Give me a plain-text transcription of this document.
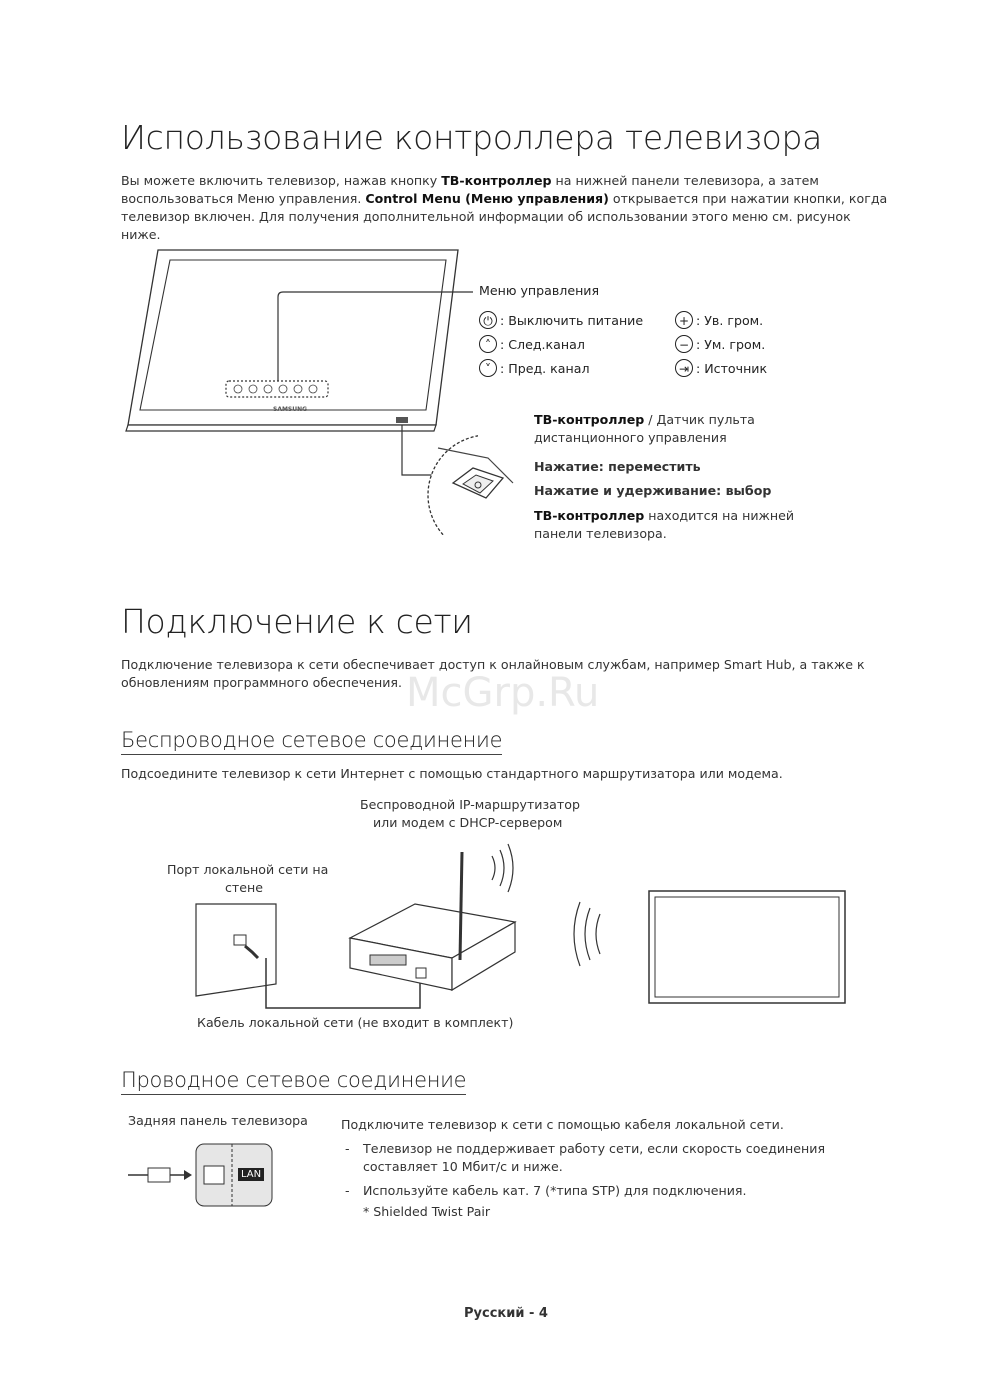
Использование контроллера телевизора

Вы можете включить телевизор, нажав кнопку ТВ-контроллер на нижней панели телевизора, а затем воспользоваться Меню управления. Control Menu (Меню управления) открывается при нажатии кнопки, когда телевизор включен. Для получения дополнительной информации об использовании этого меню см. рисунок ниже.

SAMSUNG
Меню управления
⏻ : Выключить питание
˄ : След.канал
˅ : Пред. канал
+ : Ув. гром.
− : Ум. гром.
⇥ : Источник

ТВ-контроллер / Датчик пульта дистанционного управления

Нажатие: переместить
Нажатие и удерживание: выбор

ТВ-контроллер находится на нижней панели телевизора.

Подключение к сети

Подключение телевизора к сети обеспечивает доступ к онлайновым службам, например Smart Hub, а также к обновлениям программного обеспечения. McGrp.Ru
Беспроводное сетевое соединение

Подсоедините телевизор к сети Интернет с помощью стандартного маршрутизатора или модема.

Беспроводной IP-маршрутизатор
или модем с DHCP-сервером
Порт локальной сети на
стене
Кабель локальной сети (не входит в комплект)
Проводное сетевое соединение
Задняя панель телевизора
LAN

Подключите телевизор к сети с помощью кабеля локальной сети.

- Телевизор не поддерживает работу сети, если скорость соединения составляет 10 Мбит/с и ниже.
- Используйте кабель кат. 7 (*типа STP) для подключения.
* Shielded Twist Pair
Русский - 4
